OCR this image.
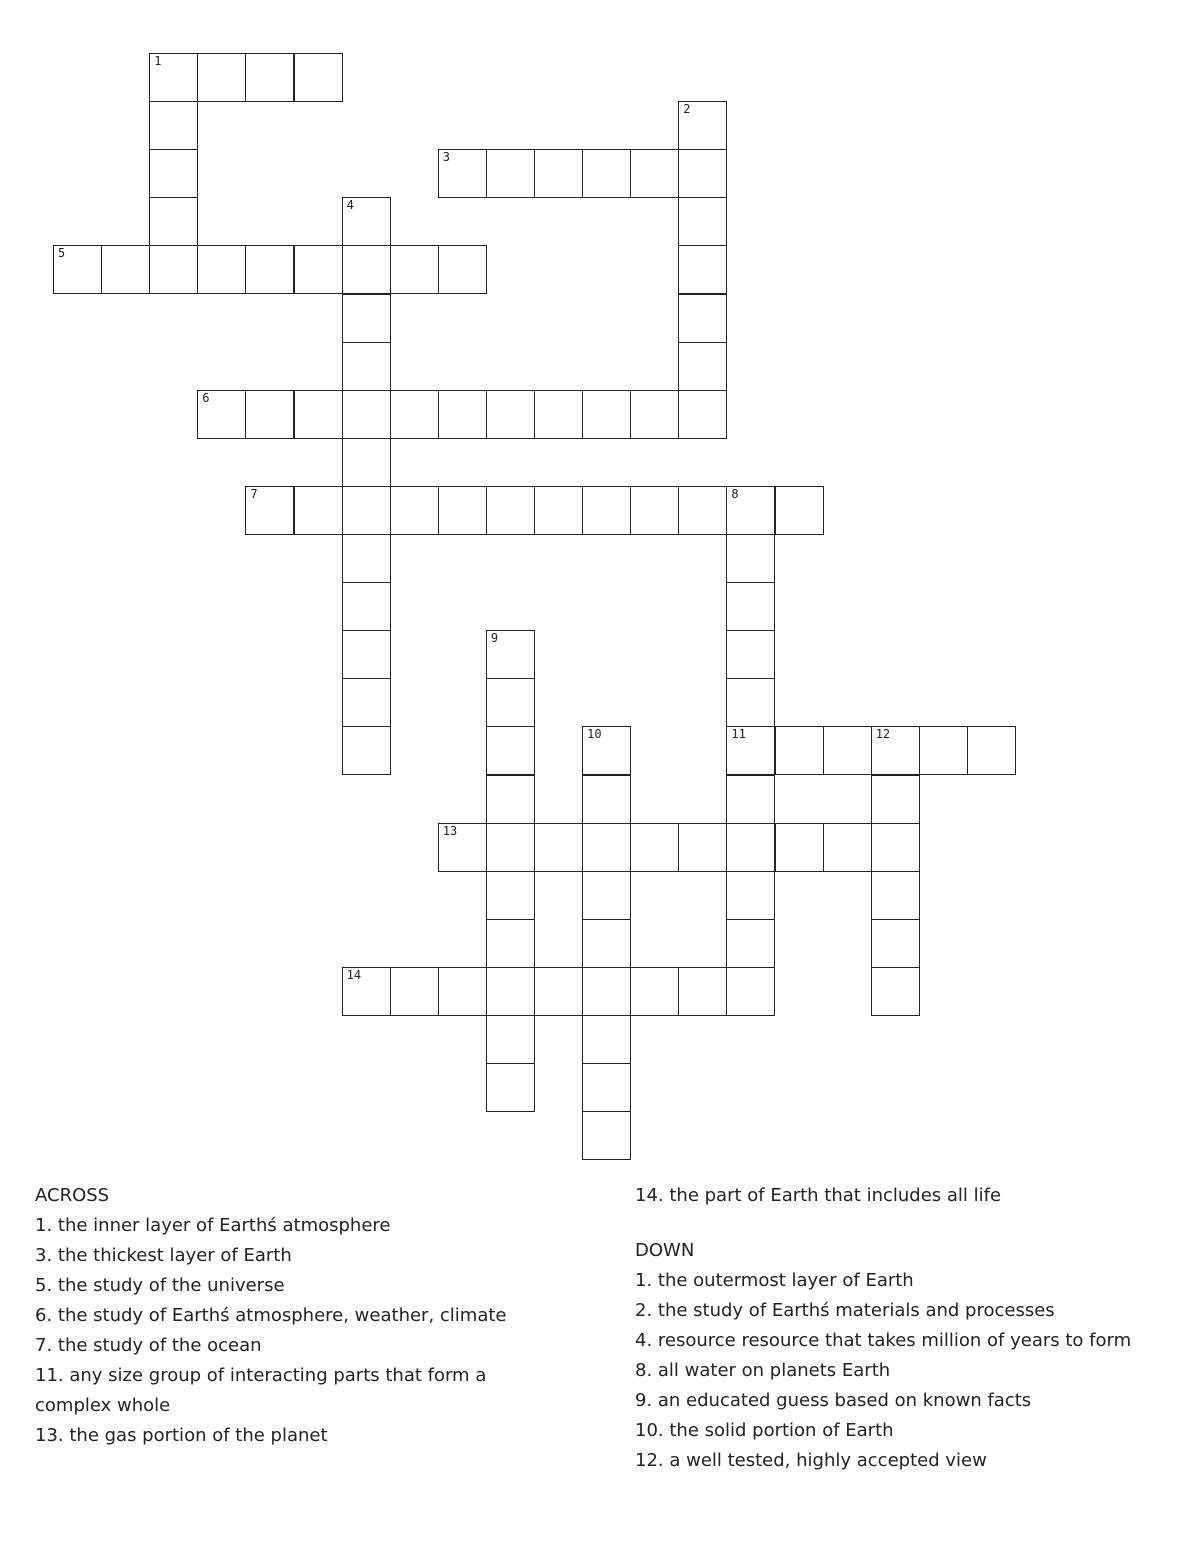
1
2
3
4
5
6
7	8
11
9
10	12
13
14
ACROSS
1. the inner layer of Earthś atmosphere
3. the thickest layer of Earth
5. the study of the universe
6. the study of Earthś atmosphere, weather, climate
7. the study of the ocean
11. any size group of interacting parts that form a complex whole
13. the gas portion of the planet
14. the part of Earth that includes all life
DOWN
1. the outermost layer of Earth
2. the study of Earthś materials and processes
4. resource resource that takes million of years to form
8. all water on planets Earth
9. an educated guess based on known facts
10. the solid portion of Earth
12. a well tested, highly accepted view
